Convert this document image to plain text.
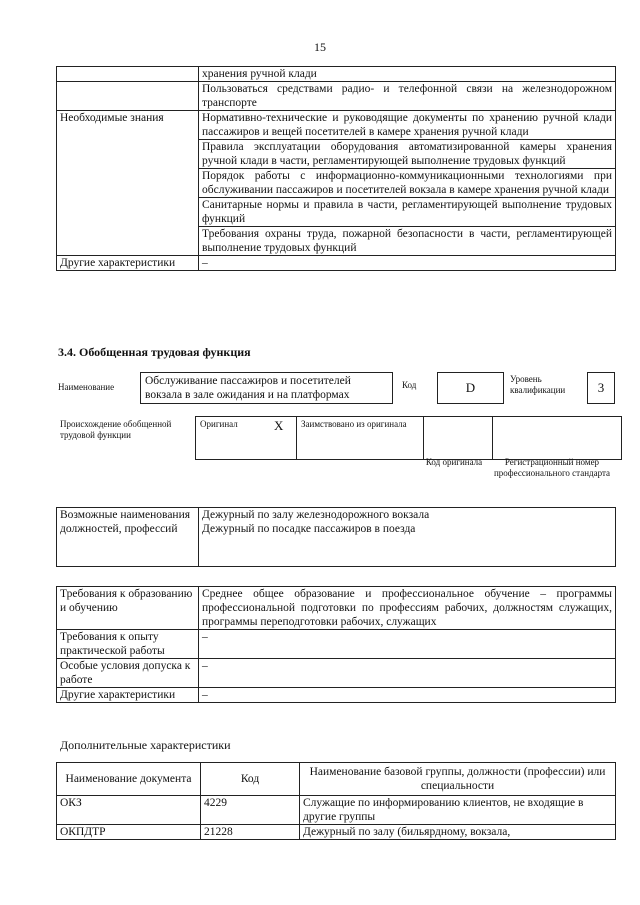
15
	хранения ручной клади
	Пользоваться средствами радио- и телефонной связи на железнодорожном транспорте
Необходимые знания	Нормативно-технические и руководящие документы по хранению ручной клади пассажиров и вещей посетителей в камере хранения ручной клади
	Правила эксплуатации оборудования автоматизированной камеры хранения ручной клади в части, регламентирующей выполнение трудовых функций
	Порядок работы с информационно-коммуникационными технологиями при обслуживании пассажиров и посетителей вокзала в камере хранения ручной клади
	Санитарные нормы и правила в части, регламентирующей выполнение трудовых функций
	Требования охраны труда, пожарной безопасности в части, регламентирующей выполнение трудовых функций
Другие характеристики	–
3.4. Обобщенная трудовая функция
Наименование	Обслуживание пассажиров и посетителей вокзала в зале ожидания и на платформах
Код	D
Уровень квалификации	3
Происхождение обобщенной трудовой функции
Оригинал	X	Заимствовано из оригинала		
Код оригинала	Регистрационный номер профессионального стандарта
Возможные наименования должностей, профессий	
Дежурный по залу железнодорожного вокзала
Дежурный по посадке пассажиров в поезда
Требования к образованию и обучению	Среднее общее образование и профессиональное обучение – программы профессиональной подготовки по профессиям рабочих, должностям служащих, программы переподготовки рабочих, служащих
Требования к опыту практической работы	–
Особые условия допуска к работе	–
Другие характеристики	–
Дополнительные характеристики
Наименование документа	Код	Наименование базовой группы, должности (профессии) или специальности
ОКЗ	4229	Служащие по информированию клиентов, не входящие в другие группы
ОКПДТР	21228	Дежурный по залу (бильярдному, вокзала,
